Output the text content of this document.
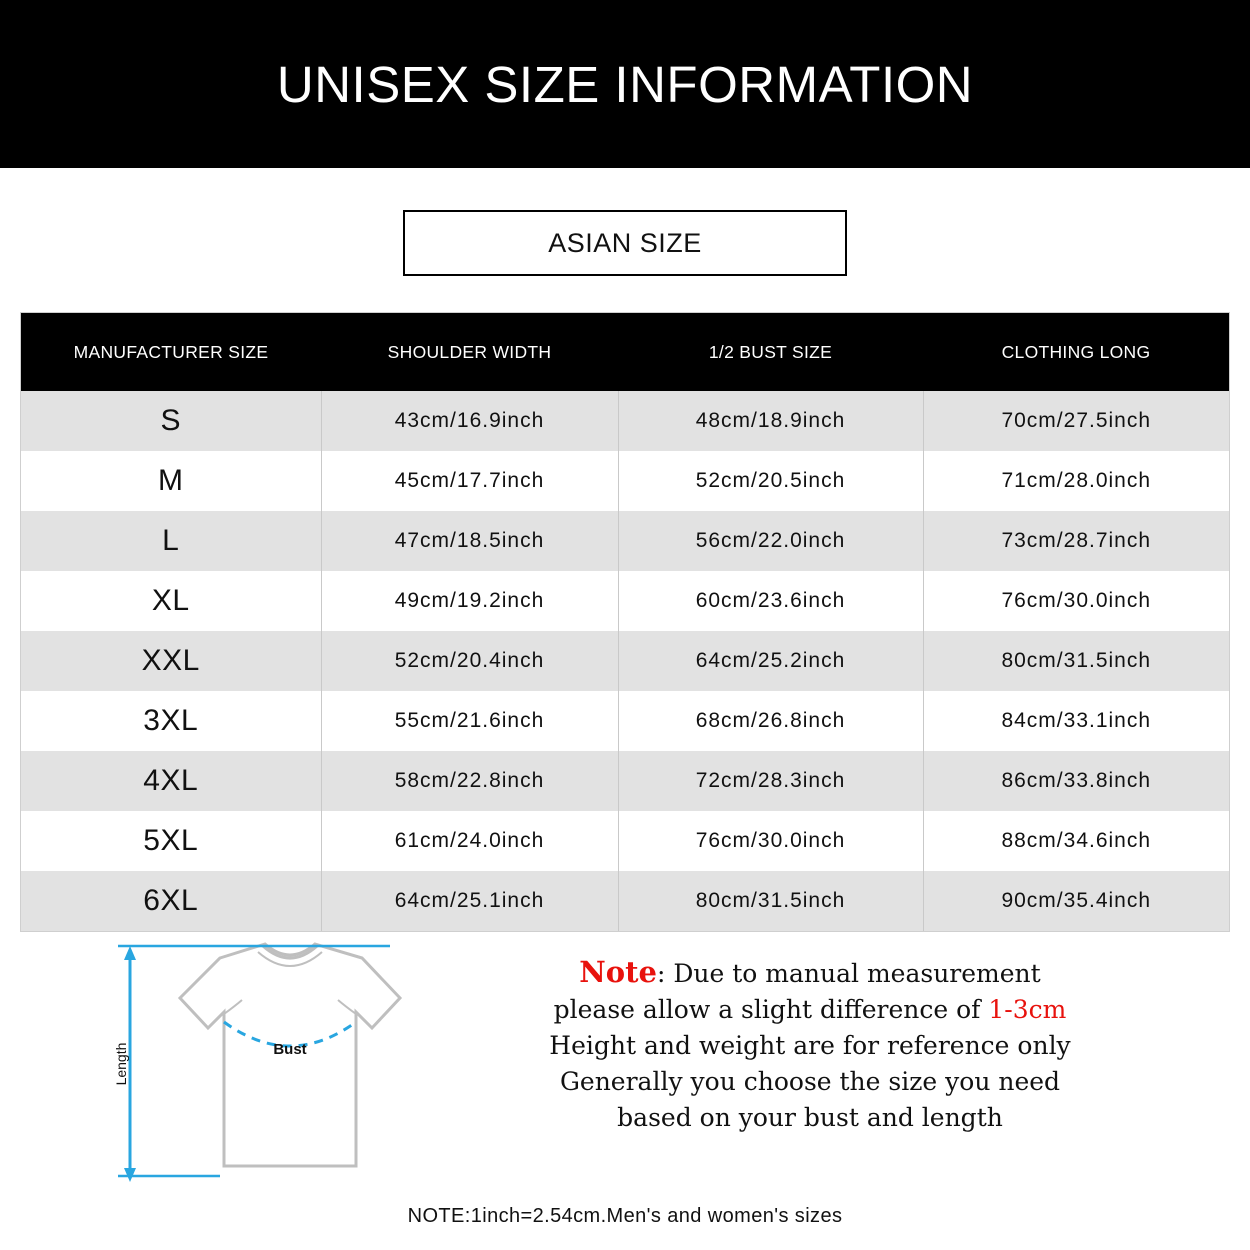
UNISEX SIZE INFORMATION
ASIAN SIZE
MANUFACTURER SIZE	SHOULDER WIDTH	1/2 BUST SIZE	CLOTHING LONG
S	43cm/16.9inch	48cm/18.9inch	70cm/27.5inch
M	45cm/17.7inch	52cm/20.5inch	71cm/28.0inch
L	47cm/18.5inch	56cm/22.0inch	73cm/28.7inch
XL	49cm/19.2inch	60cm/23.6inch	76cm/30.0inch
XXL	52cm/20.4inch	64cm/25.2inch	80cm/31.5inch
3XL	55cm/21.6inch	68cm/26.8inch	84cm/33.1inch
4XL	58cm/22.8inch	72cm/28.3inch	86cm/33.8inch
5XL	61cm/24.0inch	76cm/30.0inch	88cm/34.6inch
6XL	64cm/25.1inch	80cm/31.5inch	90cm/35.4inch
Length	Bust
Note: Due to manual measurement
please allow a slight difference of 1-3cm
Height and weight are for reference only
Generally you choose the size you need
based on your bust and length
NOTE:1inch=2.54cm.Men's and women's sizes
